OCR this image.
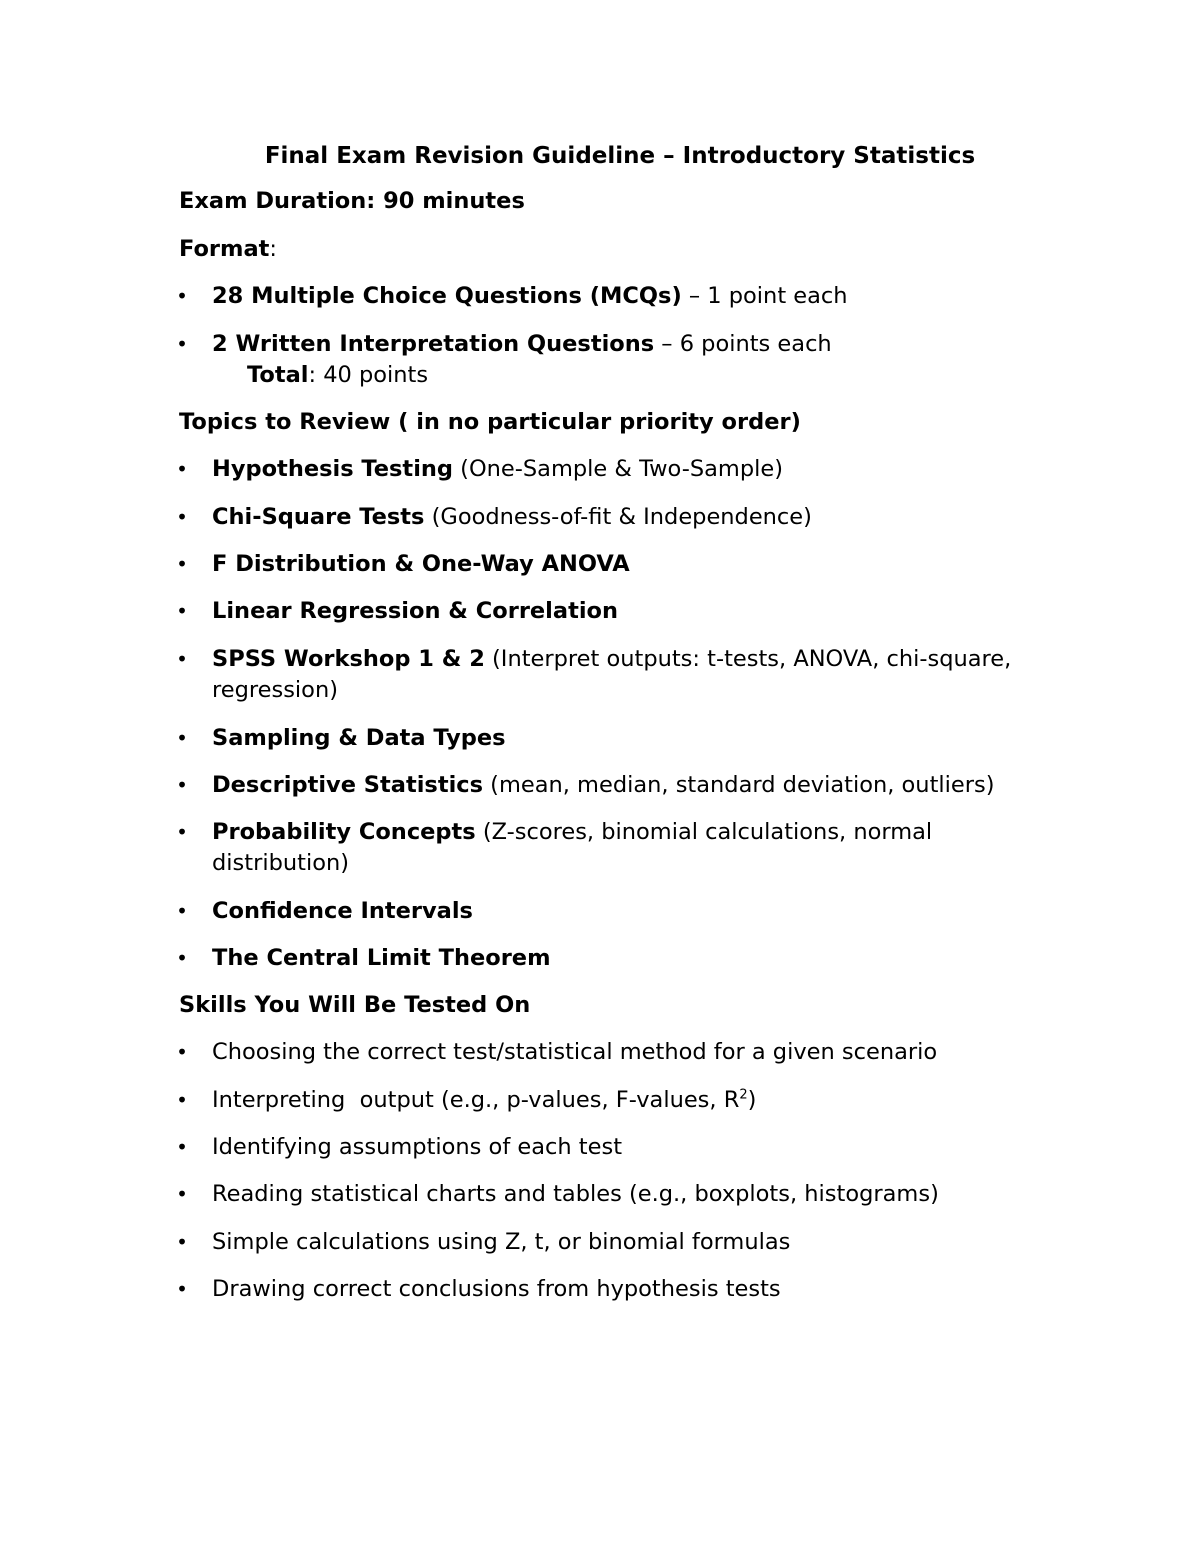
Final Exam Revision Guideline – Introductory Statistics
Exam Duration: 90 minutes
Format:
• 28 Multiple Choice Questions (MCQs) – 1 point each
• 2 Written Interpretation Questions – 6 points each
Total: 40 points
Topics to Review ( in no particular priority order)
• Hypothesis Testing (One-Sample & Two-Sample)
• Chi-Square Tests (Goodness-of-fit & Independence)
• F Distribution & One-Way ANOVA
• Linear Regression & Correlation
• SPSS Workshop 1 & 2 (Interpret outputs: t-tests, ANOVA, chi-square, regression)
• Sampling & Data Types
• Descriptive Statistics (mean, median, standard deviation, outliers)
• Probability Concepts (Z-scores, binomial calculations, normal distribution)
• Confidence Intervals
• The Central Limit Theorem
Skills You Will Be Tested On
• Choosing the correct test/statistical method for a given scenario
• Interpreting  output (e.g., p-values, F-values, $R^2$)
• Identifying assumptions of each test
• Reading statistical charts and tables (e.g., boxplots, histograms)
• Simple calculations using Z, t, or binomial formulas
• Drawing correct conclusions from hypothesis tests
